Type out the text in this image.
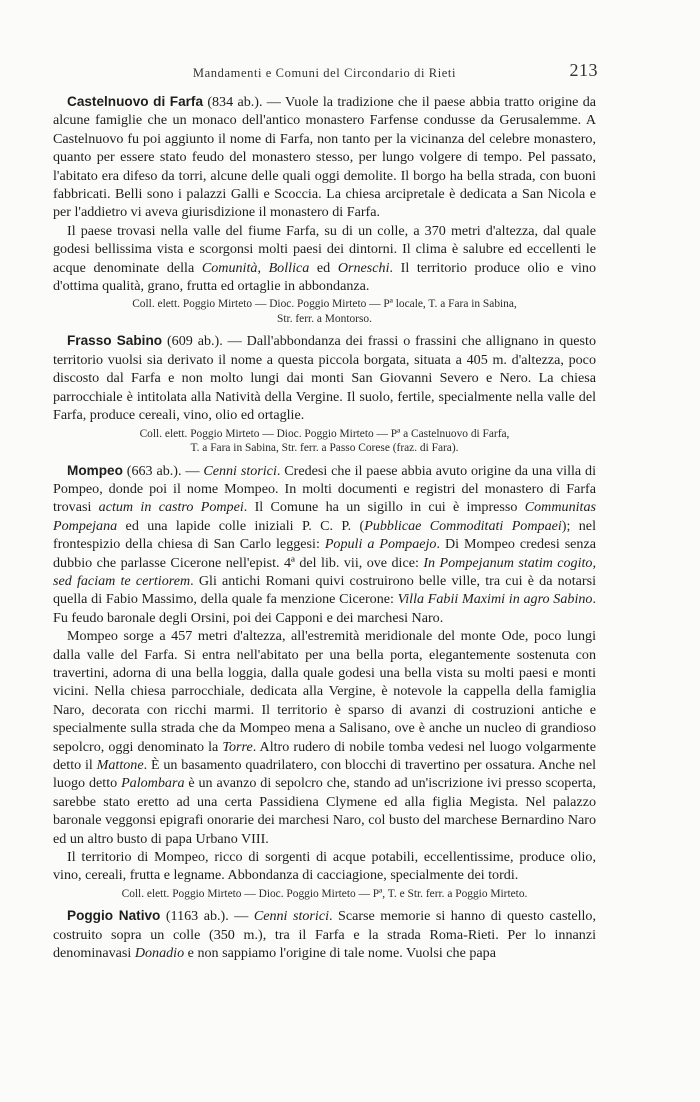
Mandamenti e Comuni del Circondario di Rieti	213

Castelnuovo di Farfa (834 ab.). — Vuole la tradizione che il paese abbia tratto origine da alcune famiglie che un monaco dell'antico monastero Farfense condusse da Gerusalemme. A Castelnuovo fu poi aggiunto il nome di Farfa, non tanto per la vicinanza del celebre monastero, quanto per essere stato feudo del monastero stesso, per lungo volgere di tempo. Pel passato, l'abitato era difeso da torri, alcune delle quali oggi demolite. Il borgo ha bella strada, con buoni fabbricati. Belli sono i palazzi Galli e Scoccia. La chiesa arcipretale è dedicata a San Nicola e per l'addietro vi aveva giurisdizione il monastero di Farfa.

Il paese trovasi nella valle del fiume Farfa, su di un colle, a 370 metri d'altezza, dal quale godesi bellissima vista e scorgonsi molti paesi dei dintorni. Il clima è salubre ed eccellenti le acque denominate della Comunità, Bollica ed Orneschi. Il territorio produce olio e vino d'ottima qualità, grano, frutta ed ortaglie in abbondanza.

Coll. elett. Poggio Mirteto — Dioc. Poggio Mirteto — Pª locale, T. a Fara in Sabina,
Str. ferr. a Montorso.

Frasso Sabino (609 ab.). — Dall'abbondanza dei frassi o frassini che allignano in questo territorio vuolsi sia derivato il nome a questa piccola borgata, situata a 405 m. d'altezza, poco discosto dal Farfa e non molto lungi dai monti San Giovanni Severo e Nero. La chiesa parrocchiale è intitolata alla Natività della Vergine. Il suolo, fertile, specialmente nella valle del Farfa, produce cereali, vino, olio ed ortaglie.

Coll. elett. Poggio Mirteto — Dioc. Poggio Mirteto — Pª a Castelnuovo di Farfa,
T. a Fara in Sabina, Str. ferr. a Passo Corese (fraz. di Fara).

Mompeo (663 ab.). — Cenni storici. Credesi che il paese abbia avuto origine da una villa di Pompeo, donde poi il nome Mompeo. In molti documenti e registri del monastero di Farfa trovasi actum in castro Pompei. Il Comune ha un sigillo in cui è impresso Communitas Pompejana ed una lapide colle iniziali P. C. P. (Pubblicae Commoditati Pompaei); nel frontespizio della chiesa di San Carlo leggesi: Populi a Pompaejo. Di Mompeo credesi senza dubbio che parlasse Cicerone nell'epist. 4ª del lib. vii, ove dice: In Pompejanum statim cogito, sed faciam te certiorem. Gli antichi Romani quivi costruirono belle ville, tra cui è da notarsi quella di Fabio Massimo, della quale fa menzione Cicerone: Villa Fabii Maximi in agro Sabino. Fu feudo baronale degli Orsini, poi dei Capponi e dei marchesi Naro.

Mompeo sorge a 457 metri d'altezza, all'estremità meridionale del monte Ode, poco lungi dalla valle del Farfa. Si entra nell'abitato per una bella porta, elegantemente sostenuta con travertini, adorna di una bella loggia, dalla quale godesi una bella vista su molti paesi e monti vicini. Nella chiesa parrocchiale, dedicata alla Vergine, è notevole la cappella della famiglia Naro, decorata con ricchi marmi. Il territorio è sparso di avanzi di costruzioni antiche e specialmente sulla strada che da Mompeo mena a Salisano, ove è anche un nucleo di grandioso sepolcro, oggi denominato la Torre. Altro rudero di nobile tomba vedesi nel luogo volgarmente detto il Mattone. È un basamento quadrilatero, con blocchi di travertino per ossatura. Anche nel luogo detto Palombara è un avanzo di sepolcro che, stando ad un'iscrizione ivi presso scoperta, sarebbe stato eretto ad una certa Passidiena Clymene ed alla figlia Megista. Nel palazzo baronale veggonsi epigrafi onorarie dei marchesi Naro, col busto del marchese Bernardino Naro ed un altro busto di papa Urbano VIII.

Il territorio di Mompeo, ricco di sorgenti di acque potabili, eccellentissime, produce olio, vino, cereali, frutta e legname. Abbondanza di cacciagione, specialmente dei tordi.

Coll. elett. Poggio Mirteto — Dioc. Poggio Mirteto — Pª, T. e Str. ferr. a Poggio Mirteto.

Poggio Nativo (1163 ab.). — Cenni storici. Scarse memorie si hanno di questo castello, costruito sopra un colle (350 m.), tra il Farfa e la strada Roma-Rieti. Per lo innanzi denominavasi Donadio e non sappiamo l'origine di tale nome. Vuolsi che papa
